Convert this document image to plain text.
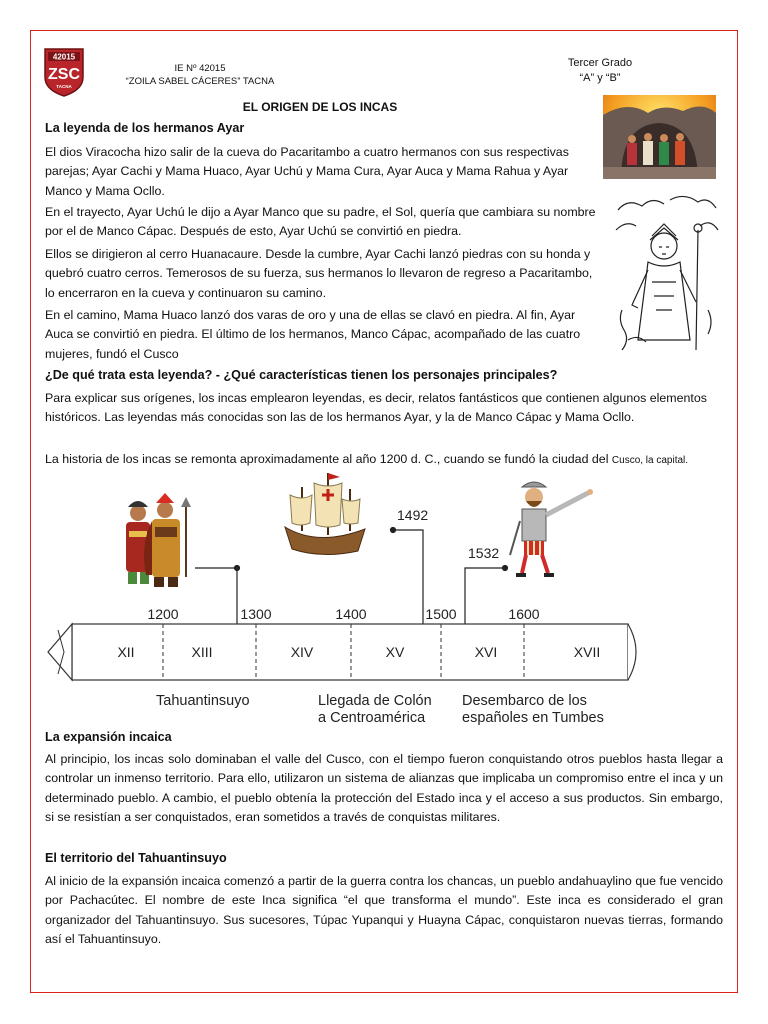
42015
ZSC
TACNA
IE Nº 42015
“ZOILA SABEL CÁCERES” TACNA
Tercer Grado
“A” y “B”
EL ORIGEN DE LOS INCAS
La leyenda de los hermanos Ayar

El dios Viracocha hizo salir de la cueva do Pacaritambo a cuatro hermanos con sus respectivas parejas; Ayar Cachi y Mama Huaco, Ayar Uchú y Mama Cura, Ayar Auca y Mama Rahua y Ayar Manco y Mama Ocllo.

En el trayecto, Ayar Uchú le dijo a Ayar Manco que su padre, el Sol, quería que cambiara su nombre por el de Manco Cápac. Después de esto, Ayar Uchú se convirtió en piedra.

Ellos se dirigieron al cerro Huanacaure. Desde la cumbre, Ayar Cachi lanzó piedras con su honda y quebró cuatro cerros. Temerosos de su fuerza, sus hermanos lo llevaron de regreso a Pacaritambo, lo encerraron en la cueva y continuaron su camino.

En el camino, Mama Huaco lanzó dos varas de oro y una de ellas se clavó en piedra. Al fin, Ayar Auca se convirtió en piedra. El último de los hermanos, Manco Cápac, acompañado de las cuatro mujeres, fundó el Cusco

¿De qué trata esta leyenda? - ¿Qué características tienen los personajes principales?

Para explicar sus orígenes, los incas emplearon leyendas, es decir, relatos fantásticos que contienen algunos elementos históricos. Las leyendas más conocidas son las de los hermanos Ayar, y la de Manco Cápac y Mama Ocllo.

La historia de los incas se remonta aproximadamente al año 1200 d. C., cuando se fundó la ciudad del Cusco, la capital.

1492
1532
1200	1300	1400	1500	1600
XII	XIII	XIV	XV	XVI	XVII
Tahuantinsuyo	Llegada de Colón
a Centroamérica
Desembarco de los
españoles en Tumbes
La expansión incaica

Al principio, los incas solo dominaban el valle del Cusco, con el tiempo fueron conquistando otros pueblos hasta llegar a controlar un inmenso territorio. Para ello, utilizaron un sistema de alianzas que implicaba un compromiso entre el inca y un determinado pueblo. A cambio, el pueblo obtenía la protección del Estado inca y el acceso a sus productos. Sin embargo, si se resistían a ser conquistados, eran sometidos a través de conquistas militares.

El territorio del Tahuantinsuyo

Al inicio de la expansión incaica comenzó a partir de la guerra contra los chancas, un pueblo andahuaylino que fue vencido por Pachacútec. El nombre de este Inca significa “el que transforma el mundo”. Este inca es considerado el gran organizador del Tahuantinsuyo. Sus sucesores, Túpac Yupanqui y Huayna Cápac, conquistaron nuevas tierras, formando así el Tahuantinsuyo.
